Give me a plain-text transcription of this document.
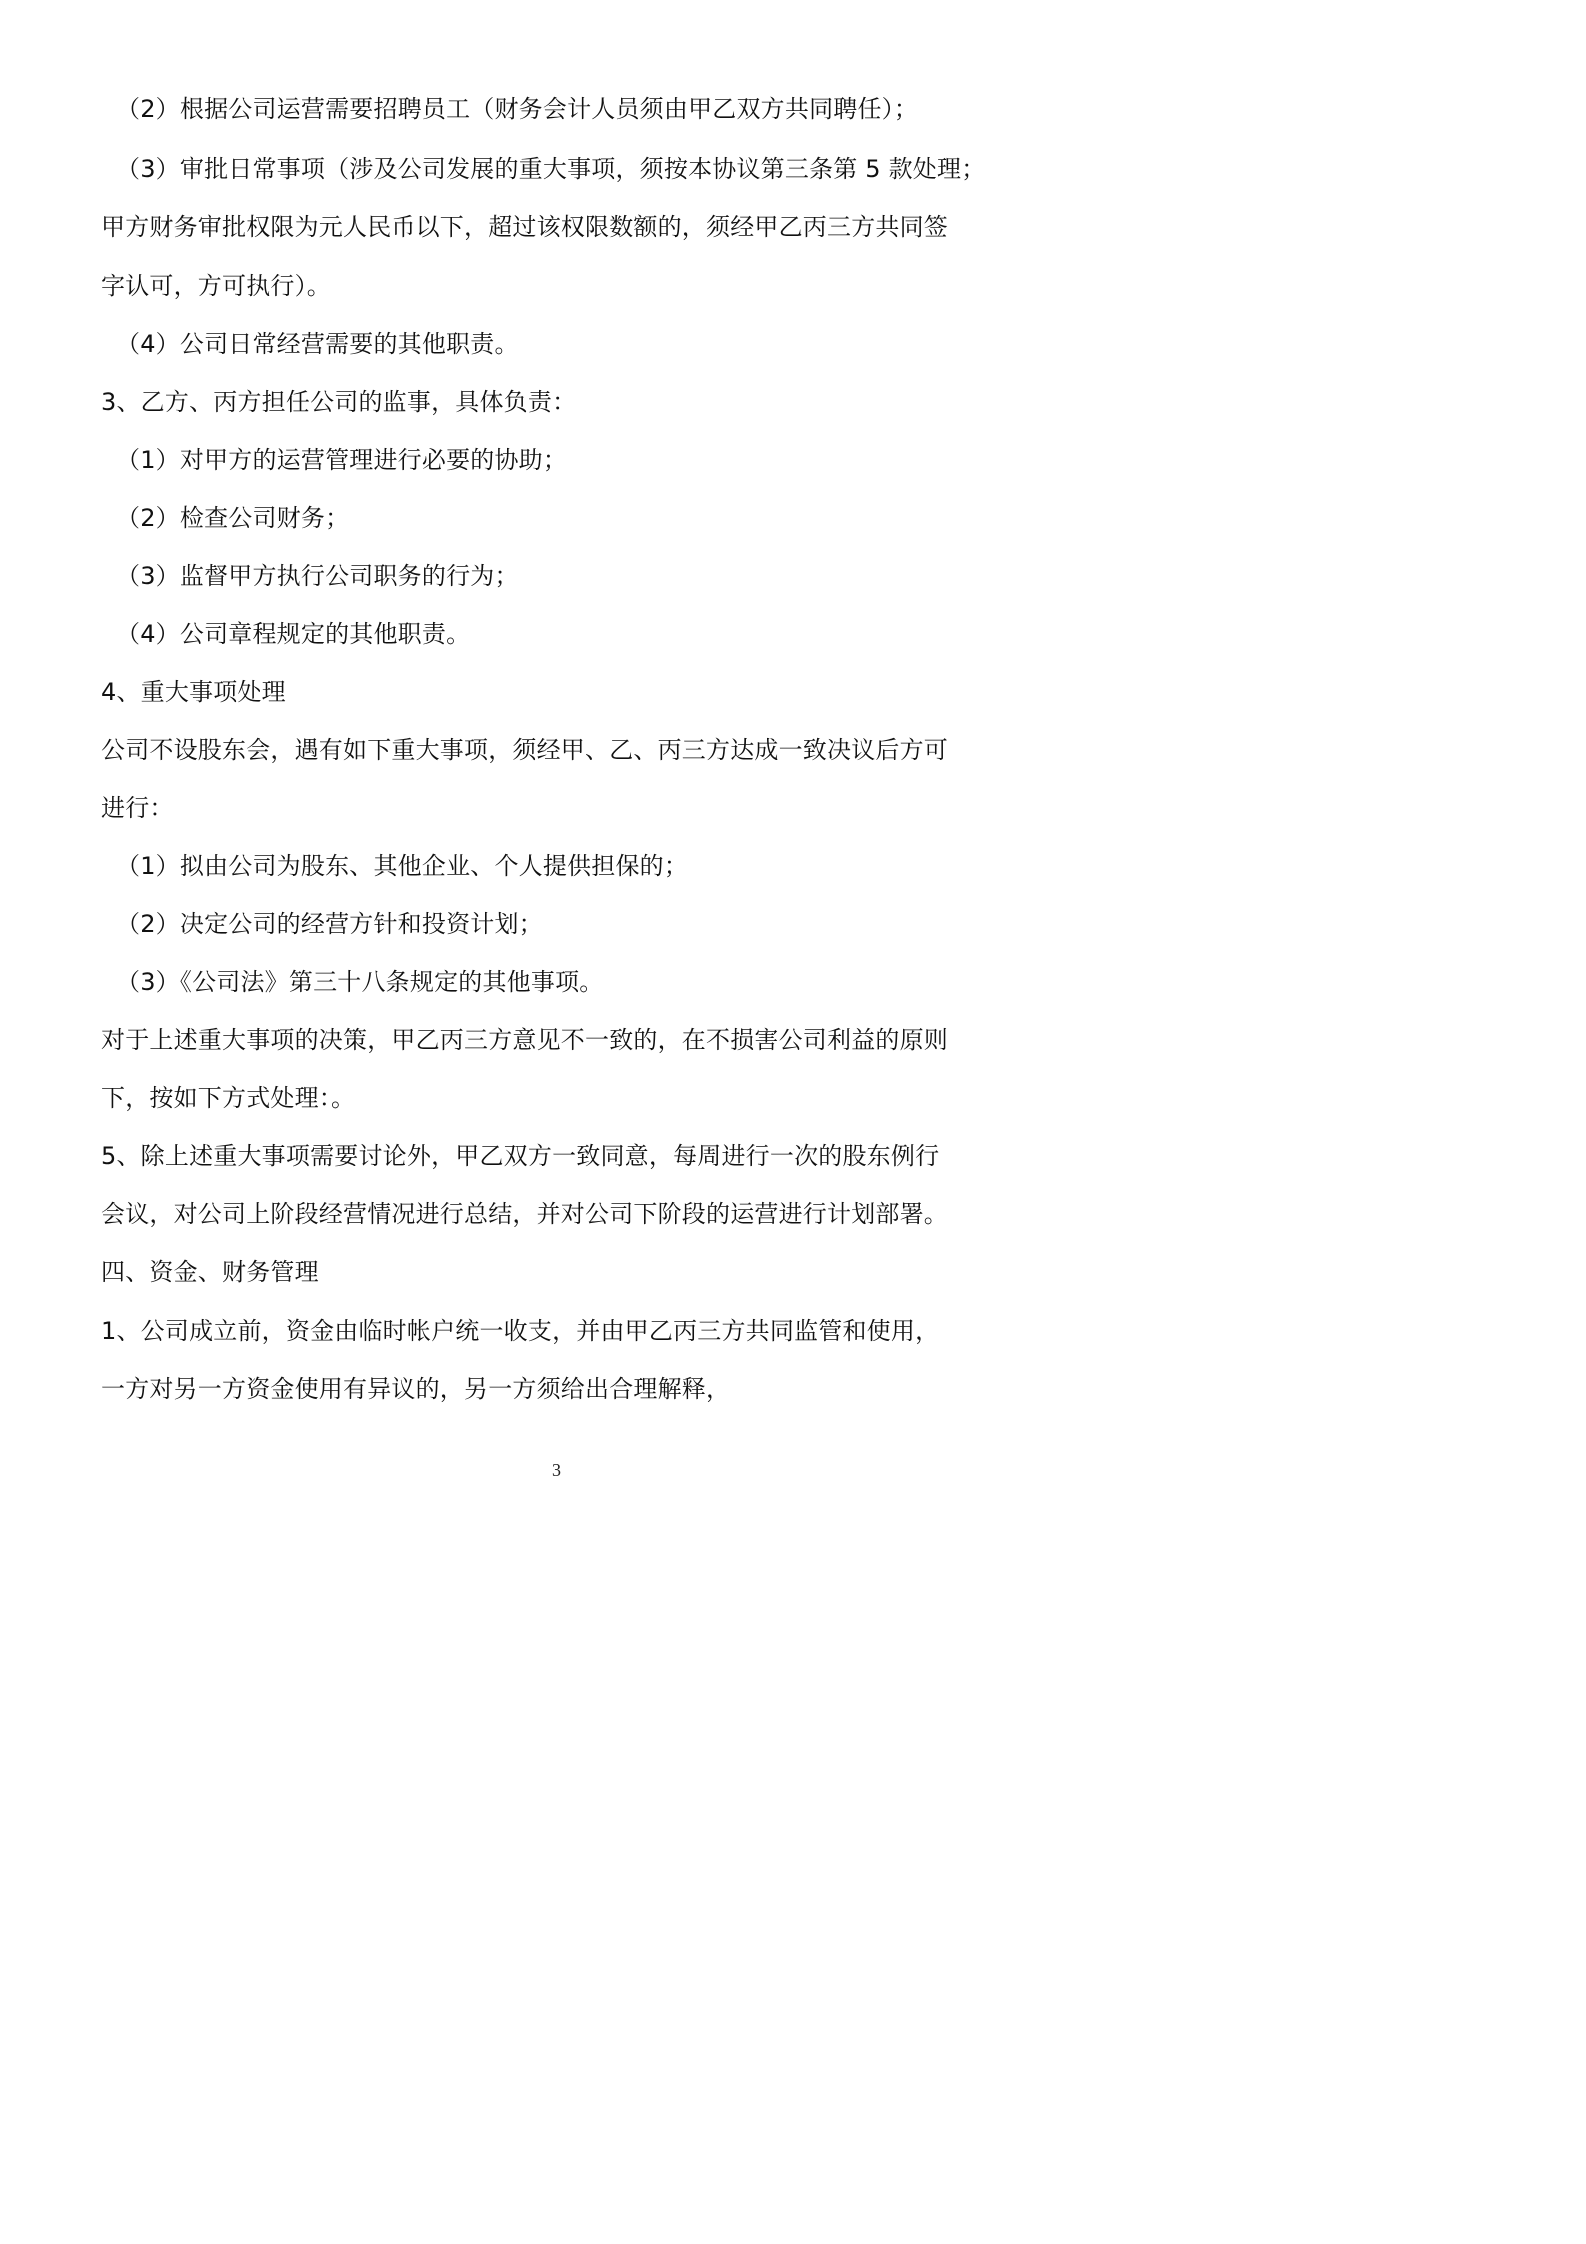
（2）根据公司运营需要招聘员工（财务会计人员须由甲乙双方共同聘任）；
（3）审批日常事项（涉及公司发展的重大事项，须按本协议第三条第 5 款处理；
甲方财务审批权限为元人民币以下，超过该权限数额的，须经甲乙丙三方共同签
字认可，方可执行）。
（4）公司日常经营需要的其他职责。
3、乙方、丙方担任公司的监事，具体负责：
（1）对甲方的运营管理进行必要的协助；
（2）检查公司财务；
（3）监督甲方执行公司职务的行为；
（4）公司章程规定的其他职责。
4、重大事项处理
公司不设股东会，遇有如下重大事项，须经甲、乙、丙三方达成一致决议后方可
进行：
（1）拟由公司为股东、其他企业、个人提供担保的；
（2）决定公司的经营方针和投资计划；
（3）《公司法》第三十八条规定的其他事项。
对于上述重大事项的决策，甲乙丙三方意见不一致的，在不损害公司利益的原则
下，按如下方式处理：。
5、除上述重大事项需要讨论外，甲乙双方一致同意，每周进行一次的股东例行
会议，对公司上阶段经营情况进行总结，并对公司下阶段的运营进行计划部署。
四、资金、财务管理
1、公司成立前，资金由临时帐户统一收支，并由甲乙丙三方共同监管和使用，
一方对另一方资金使用有异议的，另一方须给出合理解释，
3
